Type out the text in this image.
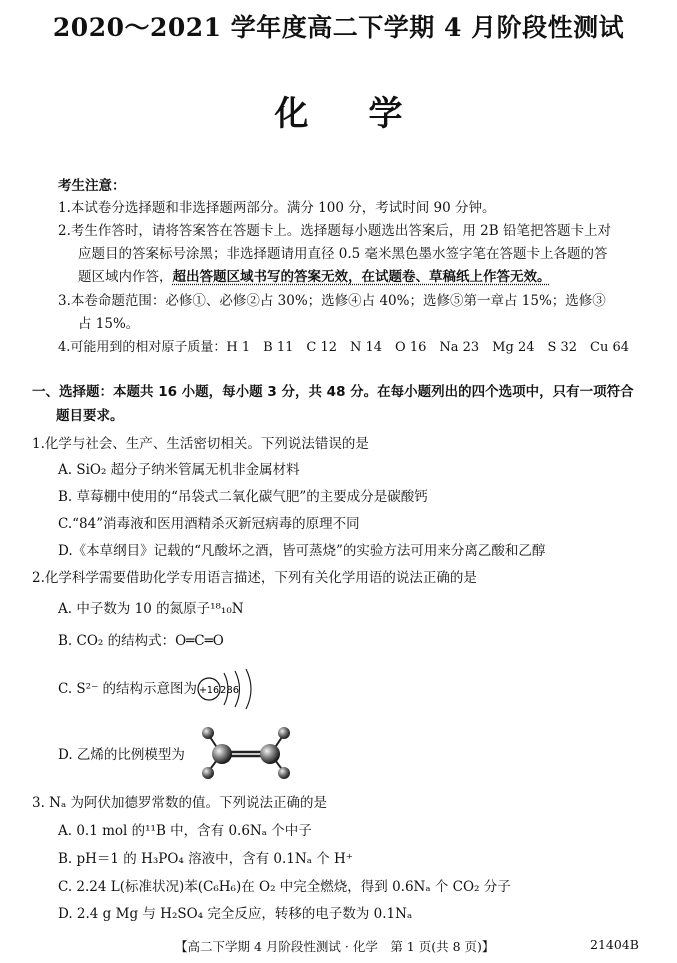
2020～2021 学年度高二下学期 4 月阶段性测试
化学
考生注意：
1.本试卷分选择题和非选择题两部分。满分 100 分，考试时间 90 分钟。
2.考生作答时，请将答案答在答题卡上。选择题每小题选出答案后，用 2B 铅笔把答题卡上对
应题目的答案标号涂黑；非选择题请用直径 0.5 毫米黑色墨水签字笔在答题卡上各题的答
题区域内作答，超出答题区域书写的答案无效，在试题卷、草稿纸上作答无效。
3.本卷命题范围：必修①、必修②占 30%；选修④占 40%；选修⑤第一章占 15%；选修③
占 15%。
4.可能用到的相对原子质量：H 1　B 11　C 12　N 14　O 16　Na 23　Mg 24　S 32　Cu 64
一、选择题：本题共 16 小题，每小题 3 分，共 48 分。在每小题列出的四个选项中，只有一项符合
题目要求。
1.化学与社会、生产、生活密切相关。下列说法错误的是
A. SiO₂ 超分子纳米管属无机非金属材料
B. 草莓棚中使用的“吊袋式二氧化碳气肥”的主要成分是碳酸钙
C.“84”消毒液和医用酒精杀灭新冠病毒的原理不同
D.《本草纲目》记载的“凡酸坏之酒，皆可蒸烧”的实验方法可用来分离乙酸和乙醇
2.化学科学需要借助化学专用语言描述，下列有关化学用语的说法正确的是
A. 中子数为 10 的氮原子¹⁸₁₀N
B. CO₂ 的结构式：O═C═O
C. S²⁻ 的结构示意图为 +16 286
D. 乙烯的比例模型为
3. Nₐ 为阿伏加德罗常数的值。下列说法正确的是
A. 0.1 mol 的¹¹B 中，含有 0.6Nₐ 个中子
B. pH＝1 的 H₃PO₄ 溶液中，含有 0.1Nₐ 个 H⁺
C. 2.24 L(标准状况)苯(C₆H₆)在 O₂ 中完全燃烧，得到 0.6Nₐ 个 CO₂ 分子
D. 2.4 g Mg 与 H₂SO₄ 完全反应，转移的电子数为 0.1Nₐ
【高二下学期 4 月阶段性测试 · 化学　第 1 页(共 8 页)】	21404B
